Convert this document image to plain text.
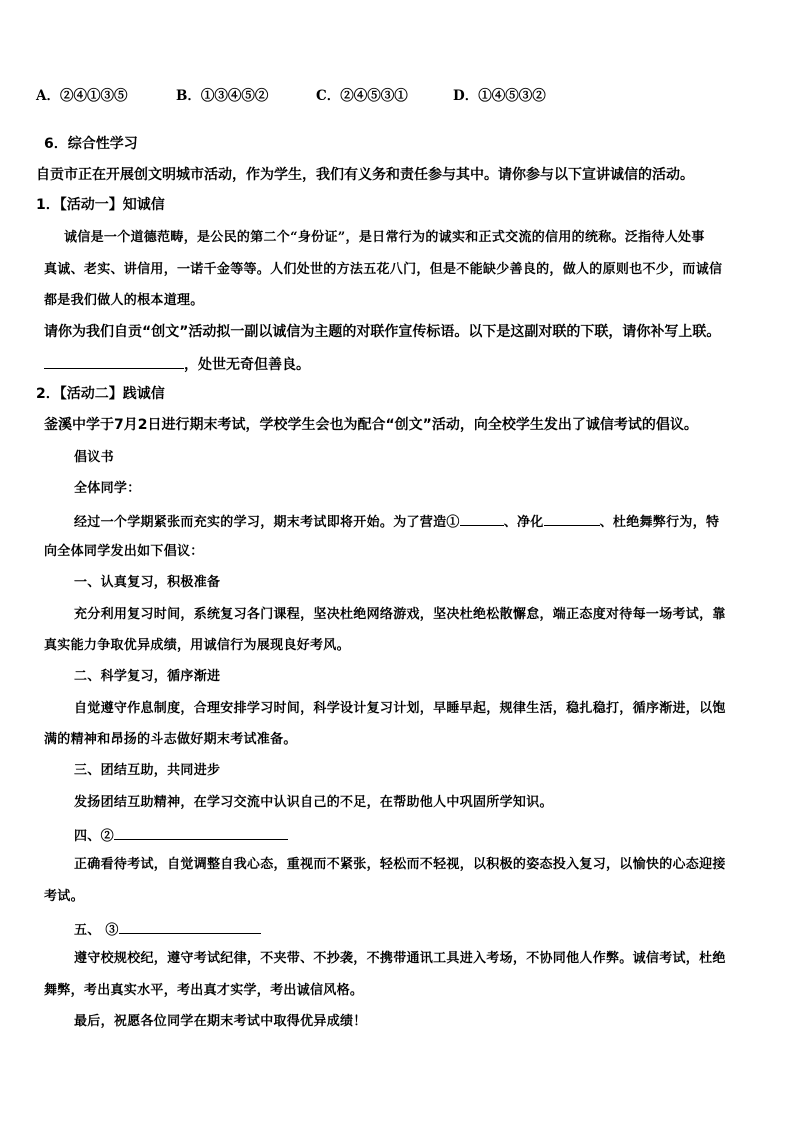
A．②④①③⑤	B．①③④⑤②	C．②④⑤③①	D．①④⑤③②
6．综合性学习
自贡市正在开展创文明城市活动，作为学生，我们有义务和责任参与其中。请你参与以下宣讲诚信的活动。
1．【活动一】知诚信
诚信是一个道德范畴，是公民的第二个“身份证”，是日常行为的诚实和正式交流的信用的统称。泛指待人处事
真诚、老实、讲信用，一诺千金等等。人们处世的方法五花八门，但是不能缺少善良的，做人的原则也不少，而诚信
都是我们做人的根本道理。
请你为我们自贡“创文”活动拟一副以诚信为主题的对联作宣传标语。以下是这副对联的下联，请你补写上联。
，处世无奇但善良。
2．【活动二】践诚信
釜溪中学于7月2日进行期末考试，学校学生会也为配合“创文”活动，向全校学生发出了诚信考试的倡议。
倡议书
全体同学：
经过一个学期紧张而充实的学习，期末考试即将开始。为了营造①	、净化	、杜绝舞弊行为，特
向全体同学发出如下倡议：
一、认真复习，积极准备
充分利用复习时间，系统复习各门课程，坚决杜绝网络游戏，坚决杜绝松散懈怠，端正态度对待每一场考试，靠
真实能力争取优异成绩，用诚信行为展现良好考风。
二、科学复习，循序渐进
自觉遵守作息制度，合理安排学习时间，科学设计复习计划，早睡早起，规律生活，稳扎稳打，循序渐进，以饱
满的精神和昂扬的斗志做好期末考试准备。
三、团结互助，共同进步
发扬团结互助精神，在学习交流中认识自己的不足，在帮助他人中巩固所学知识。
四、②
正确看待考试，自觉调整自我心态，重视而不紧张，轻松而不轻视，以积极的姿态投入复习，以愉快的心态迎接
考试。
五、 ③
遵守校规校纪，遵守考试纪律，不夹带、不抄袭，不携带通讯工具进入考场，不协同他人作弊。诚信考试，杜绝
舞弊，考出真实水平，考出真才实学，考出诚信风格。
最后，祝愿各位同学在期末考试中取得优异成绩！
